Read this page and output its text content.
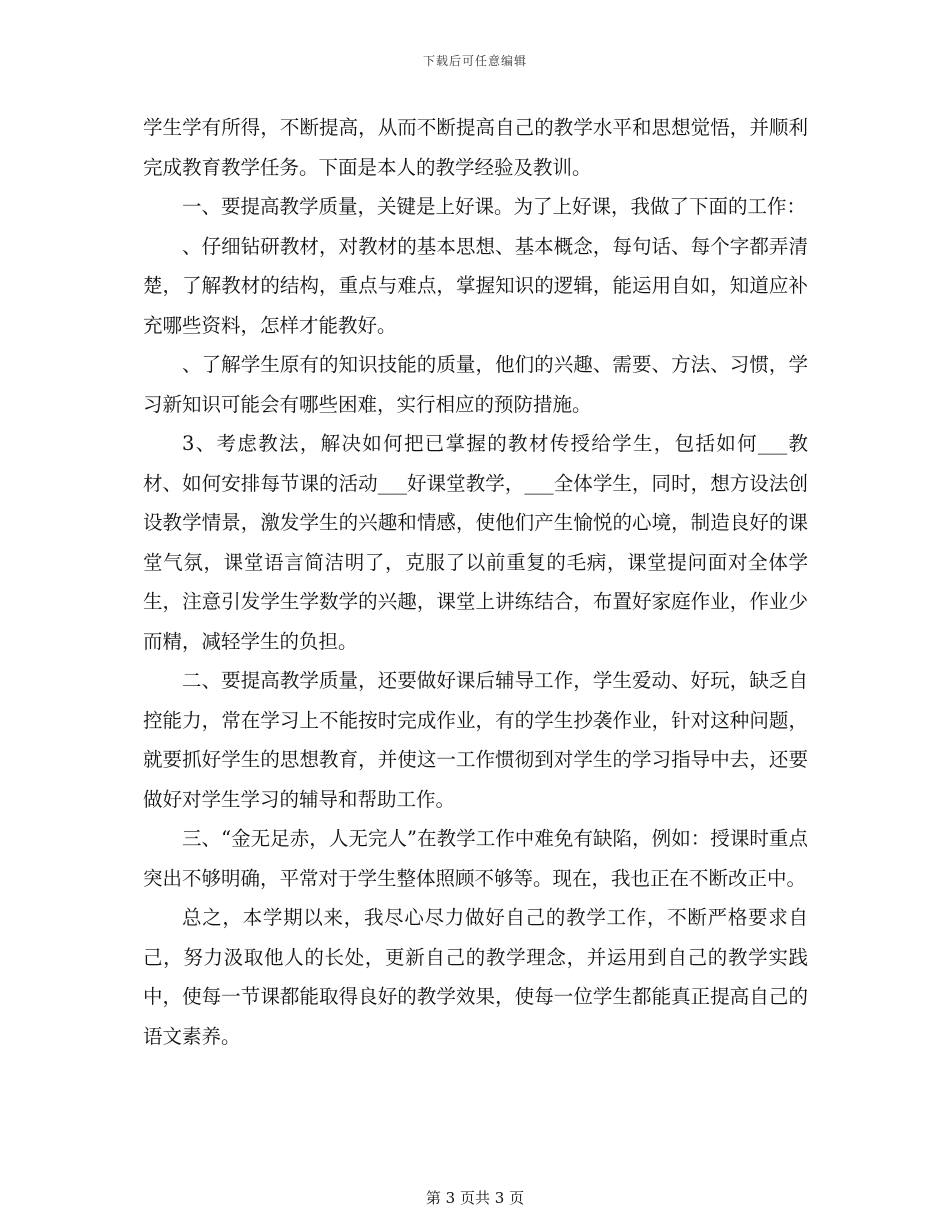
下载后可任意编辑

学生学有所得，不断提高，从而不断提高自己的教学水平和思想觉悟，并顺利完成教育教学任务。下面是本人的教学经验及教训。

一、要提高教学质量，关键是上好课。为了上好课，我做了下面的工作：

、仔细钻研教材，对教材的基本思想、基本概念，每句话、每个字都弄清楚，了解教材的结构，重点与难点，掌握知识的逻辑，能运用自如，知道应补充哪些资料，怎样才能教好。

、了解学生原有的知识技能的质量，他们的兴趣、需要、方法、习惯，学习新知识可能会有哪些困难，实行相应的预防措施。

3、考虑教法，解决如何把已掌握的教材传授给学生，包括如何___教材、如何安排每节课的活动___好课堂教学，___全体学生，同时，想方设法创设教学情景，激发学生的兴趣和情感，使他们产生愉悦的心境，制造良好的课堂气氛，课堂语言简洁明了，克服了以前重复的毛病，课堂提问面对全体学生，注意引发学生学数学的兴趣，课堂上讲练结合，布置好家庭作业，作业少而精，减轻学生的负担。

二、要提高教学质量，还要做好课后辅导工作，学生爱动、好玩，缺乏自控能力，常在学习上不能按时完成作业，有的学生抄袭作业，针对这种问题，就要抓好学生的思想教育，并使这一工作惯彻到对学生的学习指导中去，还要做好对学生学习的辅导和帮助工作。

三、“金无足赤，人无完人”在教学工作中难免有缺陷，例如：授课时重点突出不够明确，平常对于学生整体照顾不够等。现在，我也正在不断改正中。

总之，本学期以来，我尽心尽力做好自己的教学工作，不断严格要求自己，努力汲取他人的长处，更新自己的教学理念，并运用到自己的教学实践中，使每一节课都能取得良好的教学效果，使每一位学生都能真正提高自己的语文素养。

第 3 页共 3 页
